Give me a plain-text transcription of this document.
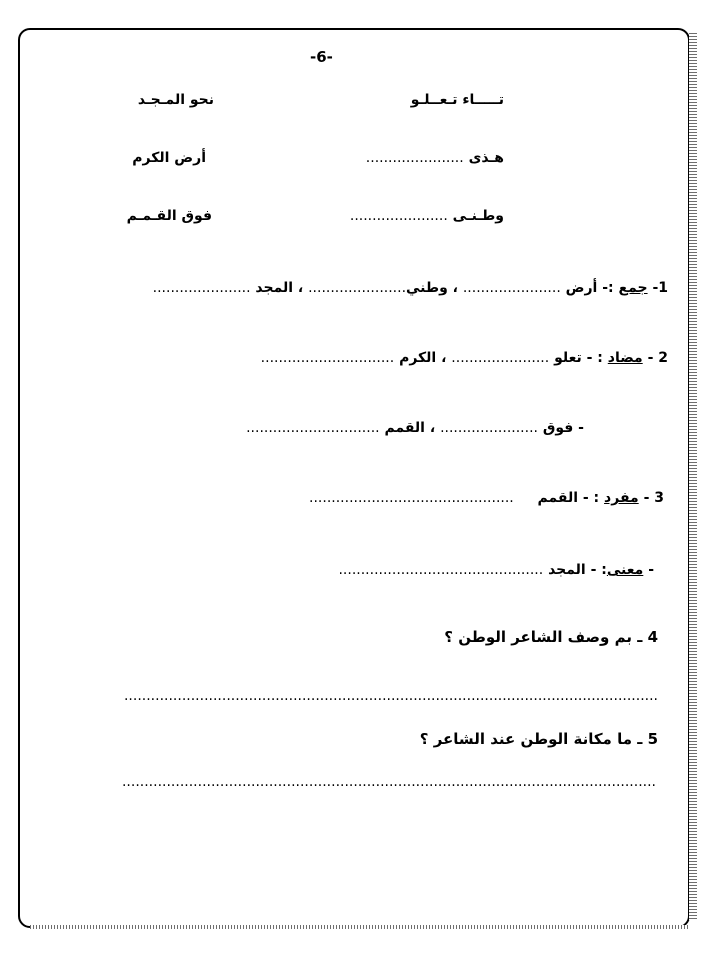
-6-
تـــــاء تـعــلـو
نحو المـجـد
هـذى ......................
أرض الكرم
وطـنـى ......................
فوق القـمـم
1- جمع :- أرض ...................... ، وطني...................... ، المجد ......................
2 - مضاد : - تعلو ...................... ، الكرم ..............................
- فوق ...................... ، القمم ..............................
3 - مفرد : - القمم  ..............................................
- معنى: - المجد ..............................................
4 ـ بم وصف الشاعر الوطن ؟
........................................................................................................................
5 ـ ما مكانة الوطن عند الشاعر ؟
........................................................................................................................
